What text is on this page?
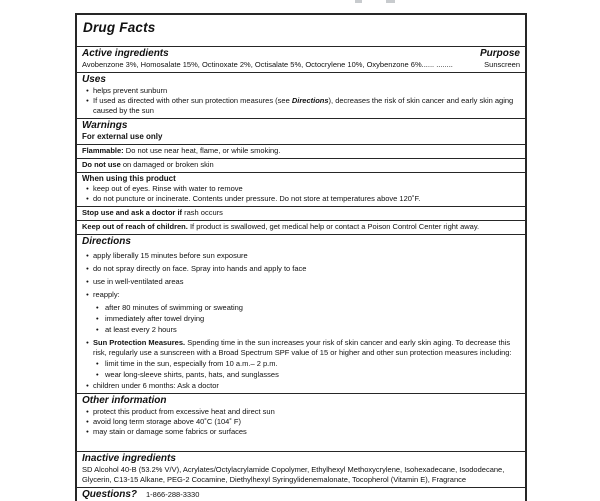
Drug Facts
Active ingredients	Purpose
Avobenzone 3%, Homosalate 15%, Octinoxate 2%, Octisalate 5%, Octocrylene 10%, Oxybenzone 6%...... ........	Sunscreen
Uses
• helps prevent sunburn
• If used as directed with other sun protection measures (see Directions), decreases the risk of skin cancer and early skin aging caused by the sun
Warnings
For external use only
Flammable: Do not use near heat, flame, or while smoking.
Do not use on damaged or broken skin
When using this product
• keep out of eyes. Rinse with water to remove
• do not puncture or incinerate. Contents under pressure. Do not store at temperatures above 120˚F.
Stop use and ask a doctor if rash occurs
Keep out of reach of children. If product is swallowed, get medical help or contact a Poison Control Center right away.
Directions
• apply liberally 15 minutes before sun exposure
• do not spray directly on face. Spray into hands and apply to face
• use in well-ventilated areas
• reapply:
• after 80 minutes of swimming or sweating
• immediately after towel drying
• at least every 2 hours
• Sun Protection Measures. Spending time in the sun increases your risk of skin cancer and early skin aging. To decrease this risk, regularly use a sunscreen with a Broad Spectrum SPF value of 15 or higher and other sun protection measures including:
• limit time in the sun, especially from 10 a.m.– 2 p.m.
• wear long-sleeve shirts, pants, hats, and sunglasses
• children under 6 months: Ask a doctor
Other information
• protect this product from excessive heat and direct sun
• avoid long term storage above 40˚C (104˚ F)
• may stain or damage some fabrics or surfaces
Inactive ingredients
SD Alcohol 40-B (53.2% V/V), Acrylates/Octylacrylamide Copolymer, Ethylhexyl Methoxycrylene, Isohexadecane, Isododecane, Glycerin, C13-15 Alkane, PEG-2 Cocamine, Diethylhexyl Syringylidenemalonate, Tocopherol (Vitamin E), Fragrance
Questions? 1-866-288-3330
